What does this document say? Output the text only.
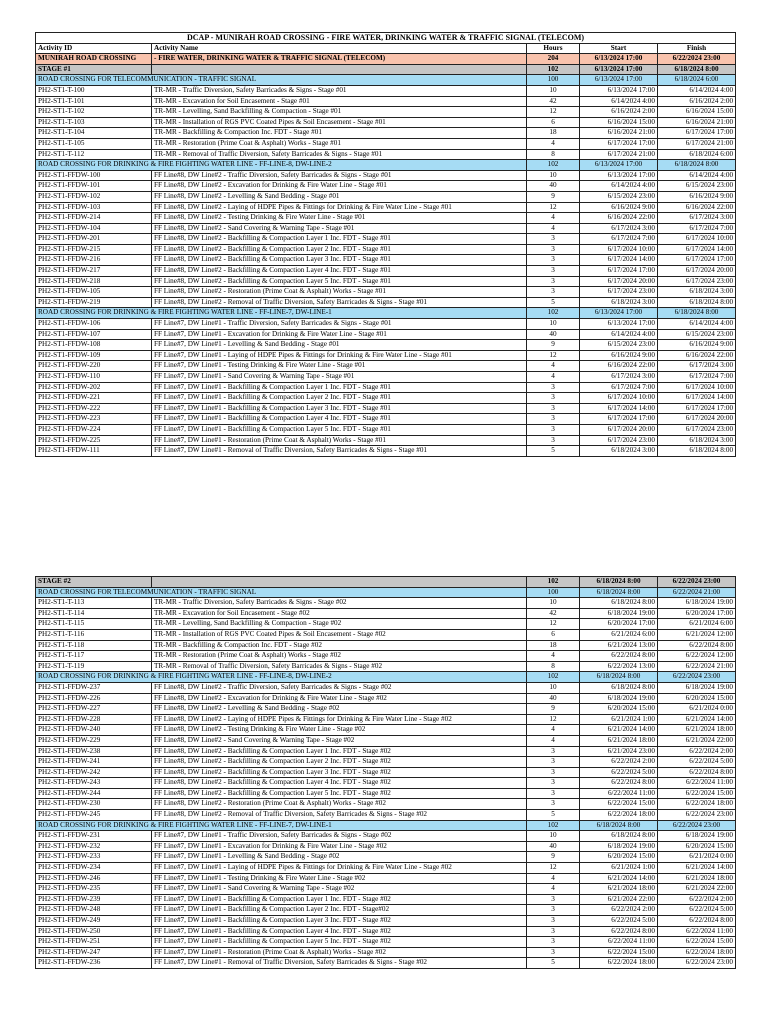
DCAP - MUNIRAH ROAD CROSSING - FIRE WATER, DRINKING WATER & TRAFFIC SIGNAL (TELECOM)				
Activity ID	Activity Name	Hours	Start	Finish
MUNIRAH ROAD CROSSING	- FIRE WATER, DRINKING WATER & TRAFFIC SIGNAL (TELECOM)	204	6/13/2024 17:00	6/22/2024 23:00
STAGE #1		102	6/13/2024 17:00	6/18/2024 8:00
ROAD CROSSING FOR TELECOMMUNICATION - TRAFFIC SIGNAL		100	6/13/2024 17:00	6/18/2024 6:00
PH2-ST1-T-100	TR-MR - Traffic Diversion, Safety Barricades & Signs - Stage #01	10	6/13/2024 17:00	6/14/2024 4:00
PH2-ST1-T-101	TR-MR - Excavation for Soil Encasement - Stage #01	42	6/14/2024 4:00	6/16/2024 2:00
PH2-ST1-T-102	TR-MR - Levelling, Sand Backfilling & Compaction - Stage #01	12	6/16/2024 2:00	6/16/2024 15:00
PH2-ST1-T-103	TR-MR - Installation of RGS PVC Coated Pipes & Soil Encasement - Stage #01	6	6/16/2024 15:00	6/16/2024 21:00
PH2-ST1-T-104	TR-MR - Backfilling & Compaction Inc. FDT - Stage #01	18	6/16/2024 21:00	6/17/2024 17:00
PH2-ST1-T-105	TR-MR - Restoration (Prime Coat & Asphalt) Works - Stage #01	4	6/17/2024 17:00	6/17/2024 21:00
PH2-ST1-T-112	TR-MR - Removal of Traffic Diversion, Safety Barricades & Signs - Stage #01	8	6/17/2024 21:00	6/18/2024 6:00
ROAD CROSSING FOR DRINKING & FIRE FIGHTING WATER LINE - FF-LINE-8, DW-LINE-2		102	6/13/2024 17:00	6/18/2024 8:00
PH2-ST1-FFDW-100	FF Line#8, DW Line#2 - Traffic Diversion, Safety Barricades & Signs - Stage #01	10	6/13/2024 17:00	6/14/2024 4:00
PH2-ST1-FFDW-101	FF Line#8, DW Line#2 - Excavation for Drinking & Fire Water Line - Stage #01	40	6/14/2024 4:00	6/15/2024 23:00
PH2-ST1-FFDW-102	FF Line#8, DW Line#2 - Levelling & Sand Bedding - Stage #01	9	6/15/2024 23:00	6/16/2024 9:00
PH2-ST1-FFDW-103	FF Line#8, DW Line#2 - Laying of HDPE Pipes & Fittings for Drinking & Fire Water Line - Stage #01	12	6/16/2024 9:00	6/16/2024 22:00
PH2-ST1-FFDW-214	FF Line#8, DW Line#2 - Testing Drinking & Fire Water Line - Stage #01	4	6/16/2024 22:00	6/17/2024 3:00
PH2-ST1-FFDW-104	FF Line#8, DW Line#2 - Sand Covering & Warning Tape - Stage #01	4	6/17/2024 3:00	6/17/2024 7:00
PH2-ST1-FFDW-201	FF Line#8, DW Line#2 - Backfilling & Compaction Layer 1 Inc. FDT - Stage #01	3	6/17/2024 7:00	6/17/2024 10:00
PH2-ST1-FFDW-215	FF Line#8, DW Line#2 - Backfilling & Compaction Layer 2 Inc. FDT - Stage #01	3	6/17/2024 10:00	6/17/2024 14:00
PH2-ST1-FFDW-216	FF Line#8, DW Line#2 - Backfilling & Compaction Layer 3 Inc. FDT - Stage #01	3	6/17/2024 14:00	6/17/2024 17:00
PH2-ST1-FFDW-217	FF Line#8, DW Line#2 - Backfilling & Compaction Layer 4 Inc. FDT - Stage #01	3	6/17/2024 17:00	6/17/2024 20:00
PH2-ST1-FFDW-218	FF Line#8, DW Line#2 - Backfilling & Compaction Layer 5 Inc. FDT - Stage #01	3	6/17/2024 20:00	6/17/2024 23:00
PH2-ST1-FFDW-105	FF Line#8, DW Line#2 - Restoration (Prime Coat & Asphalt) Works - Stage #01	3	6/17/2024 23:00	6/18/2024 3:00
PH2-ST1-FFDW-219	FF Line#8, DW Line#2 - Removal of Traffic Diversion, Safety Barricades & Signs - Stage #01	5	6/18/2024 3:00	6/18/2024 8:00
ROAD CROSSING FOR DRINKING & FIRE FIGHTING WATER LINE - FF-LINE-7, DW-LINE-1		102	6/13/2024 17:00	6/18/2024 8:00
PH2-ST1-FFDW-106	FF Line#7, DW Line#1 - Traffic Diversion, Safety Barricades & Signs - Stage #01	10	6/13/2024 17:00	6/14/2024 4:00
PH2-ST1-FFDW-107	FF Line#7, DW Line#1 - Excavation for Drinking & Fire Water Line - Stage #01	40	6/14/2024 4:00	6/15/2024 23:00
PH2-ST1-FFDW-108	FF Line#7, DW Line#1 - Levelling & Sand Bedding - Stage #01	9	6/15/2024 23:00	6/16/2024 9:00
PH2-ST1-FFDW-109	FF Line#7, DW Line#1 - Laying of HDPE Pipes & Fittings for Drinking & Fire Water Line - Stage #01	12	6/16/2024 9:00	6/16/2024 22:00
PH2-ST1-FFDW-220	FF Line#7, DW Line#1 - Testing Drinking & Fire Water Line - Stage #01	4	6/16/2024 22:00	6/17/2024 3:00
PH2-ST1-FFDW-110	FF Line#7, DW Line#1 - Sand Covering & Warning Tape - Stage #01	4	6/17/2024 3:00	6/17/2024 7:00
PH2-ST1-FFDW-202	FF Line#7, DW Line#1 - Backfilling & Compaction Layer 1 Inc. FDT - Stage #01	3	6/17/2024 7:00	6/17/2024 10:00
PH2-ST1-FFDW-221	FF Line#7, DW Line#1 - Backfilling & Compaction Layer 2 Inc. FDT - Stage #01	3	6/17/2024 10:00	6/17/2024 14:00
PH2-ST1-FFDW-222	FF Line#7, DW Line#1 - Backfilling & Compaction Layer 3 Inc. FDT - Stage #01	3	6/17/2024 14:00	6/17/2024 17:00
PH2-ST1-FFDW-223	FF Line#7, DW Line#1 - Backfilling & Compaction Layer 4 Inc. FDT - Stage #01	3	6/17/2024 17:00	6/17/2024 20:00
PH2-ST1-FFDW-224	FF Line#7, DW Line#1 - Backfilling & Compaction Layer 5 Inc. FDT - Stage #01	3	6/17/2024 20:00	6/17/2024 23:00
PH2-ST1-FFDW-225	FF Line#7, DW Line#1 - Restoration (Prime Coat & Asphalt) Works - Stage #01	3	6/17/2024 23:00	6/18/2024 3:00
PH2-ST1-FFDW-111	FF Line#7, DW Line#1 - Removal of Traffic Diversion, Safety Barricades & Signs - Stage #01	5	6/18/2024 3:00	6/18/2024 8:00
STAGE #2		102	6/18/2024 8:00	6/22/2024 23:00
ROAD CROSSING FOR TELECOMMUNICATION - TRAFFIC SIGNAL		100	6/18/2024 8:00	6/22/2024 21:00
PH2-ST1-T-113	TR-MR - Traffic Diversion, Safety Barricades & Signs - Stage #02	10	6/18/2024 8:00	6/18/2024 19:00
PH2-ST1-T-114	TR-MR - Excavation for Soil Encasement - Stage #02	42	6/18/2024 19:00	6/20/2024 17:00
PH2-ST1-T-115	TR-MR - Levelling, Sand Backfilling & Compaction - Stage #02	12	6/20/2024 17:00	6/21/2024 6:00
PH2-ST1-T-116	TR-MR - Installation of RGS PVC Coated Pipes & Soil Encasement - Stage #02	6	6/21/2024 6:00	6/21/2024 12:00
PH2-ST1-T-118	TR-MR - Backfilling & Compaction Inc. FDT - Stage #02	18	6/21/2024 13:00	6/22/2024 8:00
PH2-ST1-T-117	TR-MR - Restoration (Prime Coat & Asphalt) Works - Stage #02	4	6/22/2024 8:00	6/22/2024 12:00
PH2-ST1-T-119	TR-MR - Removal of Traffic Diversion, Safety Barricades & Signs - Stage #02	8	6/22/2024 13:00	6/22/2024 21:00
ROAD CROSSING FOR DRINKING & FIRE FIGHTING WATER LINE - FF-LINE-8, DW-LINE-2		102	6/18/2024 8:00	6/22/2024 23:00
PH2-ST1-FFDW-237	FF Line#8, DW Line#2 - Traffic Diversion, Safety Barricades & Signs - Stage #02	10	6/18/2024 8:00	6/18/2024 19:00
PH2-ST1-FFDW-226	FF Line#8, DW Line#2 - Excavation for Drinking & Fire Water Line - Stage #02	40	6/18/2024 19:00	6/20/2024 15:00
PH2-ST1-FFDW-227	FF Line#8, DW Line#2 - Levelling & Sand Bedding - Stage #02	9	6/20/2024 15:00	6/21/2024 0:00
PH2-ST1-FFDW-228	FF Line#8, DW Line#2 - Laying of HDPE Pipes & Fittings for Drinking & Fire Water Line - Stage #02	12	6/21/2024 1:00	6/21/2024 14:00
PH2-ST1-FFDW-240	FF Line#8, DW Line#2 - Testing Drinking & Fire Water Line - Stage #02	4	6/21/2024 14:00	6/21/2024 18:00
PH2-ST1-FFDW-229	FF Line#8, DW Line#2 - Sand Covering & Warning Tape - Stage #02	4	6/21/2024 18:00	6/21/2024 22:00
PH2-ST1-FFDW-238	FF Line#8, DW Line#2 - Backfilling & Compaction Layer 1 Inc. FDT - Stage #02	3	6/21/2024 23:00	6/22/2024 2:00
PH2-ST1-FFDW-241	FF Line#8, DW Line#2 - Backfilling & Compaction Layer 2 Inc. FDT - Stage #02	3	6/22/2024 2:00	6/22/2024 5:00
PH2-ST1-FFDW-242	FF Line#8, DW Line#2 - Backfilling & Compaction Layer 3 Inc. FDT - Stage #02	3	6/22/2024 5:00	6/22/2024 8:00
PH2-ST1-FFDW-243	FF Line#8, DW Line#2 - Backfilling & Compaction Layer 4 Inc. FDT - Stage #02	3	6/22/2024 8:00	6/22/2024 11:00
PH2-ST1-FFDW-244	FF Line#8, DW Line#2 - Backfilling & Compaction Layer 5 Inc. FDT - Stage #02	3	6/22/2024 11:00	6/22/2024 15:00
PH2-ST1-FFDW-230	FF Line#8, DW Line#2 - Restoration (Prime Coat & Asphalt) Works - Stage #02	3	6/22/2024 15:00	6/22/2024 18:00
PH2-ST1-FFDW-245	FF Line#8, DW Line#2 - Removal of Traffic Diversion, Safety Barricades & Signs - Stage #02	5	6/22/2024 18:00	6/22/2024 23:00
ROAD CROSSING FOR DRINKING & FIRE FIGHTING WATER LINE - FF-LINE-7, DW-LINE-1		102	6/18/2024 8:00	6/22/2024 23:00
PH2-ST1-FFDW-231	FF Line#7, DW Line#1 - Traffic Diversion, Safety Barricades & Signs - Stage #02	10	6/18/2024 8:00	6/18/2024 19:00
PH2-ST1-FFDW-232	FF Line#7, DW Line#1 - Excavation for Drinking & Fire Water Line - Stage #02	40	6/18/2024 19:00	6/20/2024 15:00
PH2-ST1-FFDW-233	FF Line#7, DW Line#1 - Levelling & Sand Bedding - Stage #02	9	6/20/2024 15:00	6/21/2024 0:00
PH2-ST1-FFDW-234	FF Line#7, DW Line#1 - Laying of HDPE Pipes & Fittings for Drinking & Fire Water Line - Stage #02	12	6/21/2024 1:00	6/21/2024 14:00
PH2-ST1-FFDW-246	FF Line#7, DW Line#1 - Testing Drinking & Fire Water Line - Stage #02	4	6/21/2024 14:00	6/21/2024 18:00
PH2-ST1-FFDW-235	FF Line#7, DW Line#1 - Sand Covering & Warning Tape - Stage #02	4	6/21/2024 18:00	6/21/2024 22:00
PH2-ST1-FFDW-239	FF Line#7, DW Line#1 - Backfilling & Compaction Layer 1 Inc. FDT - Stage #02	3	6/21/2024 22:00	6/22/2024 2:00
PH2-ST1-FFDW-248	FF Line#7, DW Line#1 - Backfilling & Compaction Layer 2 Inc. FDT - Stage#02	3	6/22/2024 2:00	6/22/2024 5:00
PH2-ST1-FFDW-249	FF Line#7, DW Line#1 - Backfilling & Compaction Layer 3 Inc. FDT - Stage #02	3	6/22/2024 5:00	6/22/2024 8:00
PH2-ST1-FFDW-250	FF Line#7, DW Line#1 - Backfilling & Compaction Layer 4 Inc. FDT - Stage #02	3	6/22/2024 8:00	6/22/2024 11:00
PH2-ST1-FFDW-251	FF Line#7, DW Line#1 - Backfilling & Compaction Layer 5 Inc. FDT - Stage #02	3	6/22/2024 11:00	6/22/2024 15:00
PH2-ST1-FFDW-247	FF Line#7, DW Line#1 - Restoration (Prime Coat & Asphalt) Works - Stage #02	3	6/22/2024 15:00	6/22/2024 18:00
PH2-ST1-FFDW-236	FF Line#7, DW Line#1 - Removal of Traffic Diversion, Safety Barricades & Signs - Stage #02	5	6/22/2024 18:00	6/22/2024 23:00
